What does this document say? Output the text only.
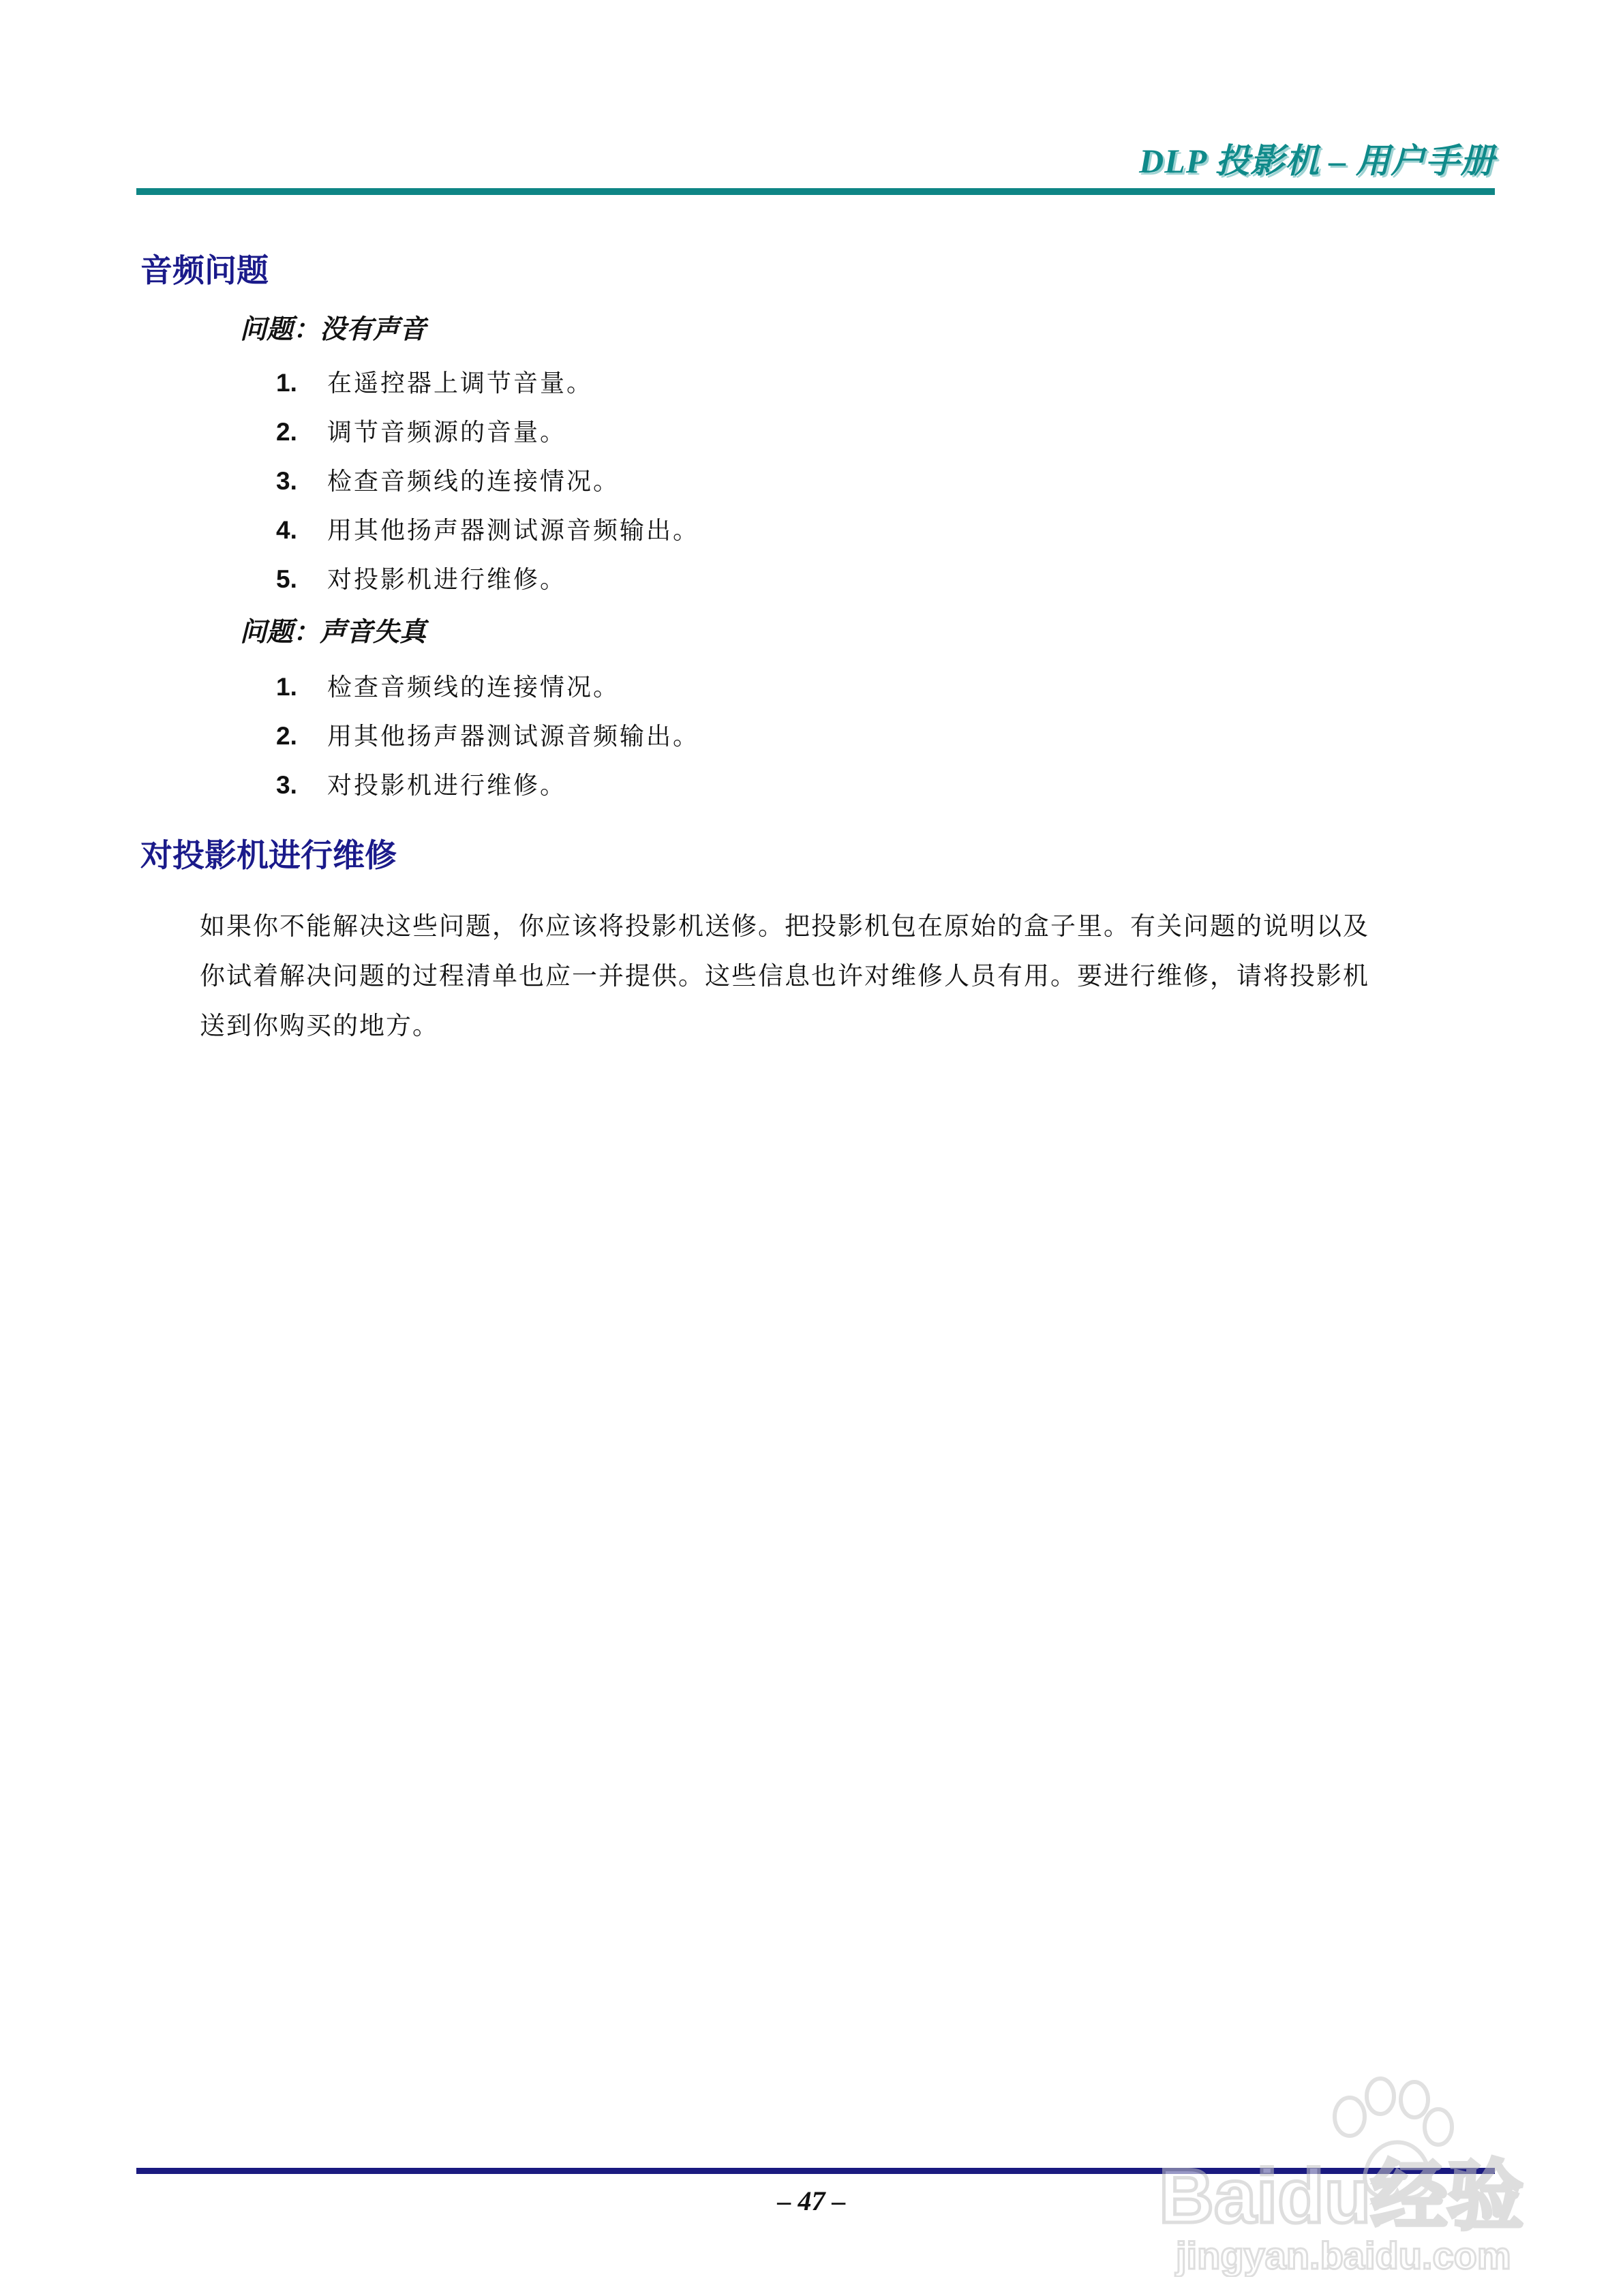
DLP 投影机 – 用户手册
音频问题
问题：没有声音
1.	在遥控器上调节音量。
2.	调节音频源的音量。
3.	检查音频线的连接情况。
4.	用其他扬声器测试源音频输出。
5.	对投影机进行维修。
问题：声音失真
1.	检查音频线的连接情况。
2.	用其他扬声器测试源音频输出。
3.	对投影机进行维修。
对投影机进行维修

如果你不能解决这些问题，你应该将投影机送修。把投影机包在原始的盒子里。有关问题的说明以及
你试着解决问题的过程清单也应一并提供。这些信息也许对维修人员有用。要进行维修，请将投影机
送到你购买的地方。

– 47 –	Baidu经验
jingyan.baidu.com
